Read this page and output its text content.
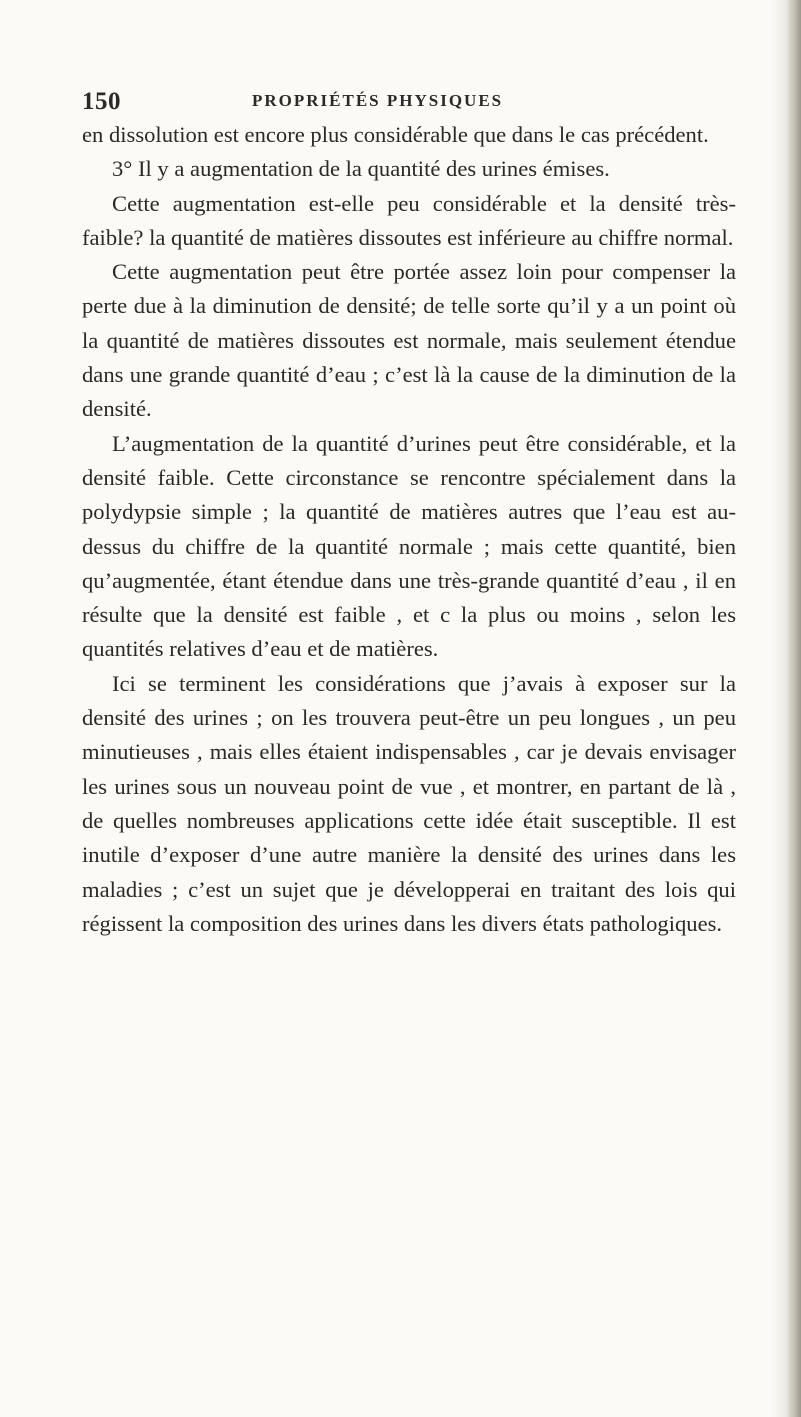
150	PROPRIÉTÉS PHYSIQUES

en dissolution est encore plus considérable que dans le cas précédent.

3° Il y a augmentation de la quantité des urines émises.

Cette augmentation est-elle peu considérable et la densité très-faible? la quantité de matières dissoutes est inférieure au chiffre normal.

Cette augmentation peut être portée assez loin pour compenser la perte due à la diminution de densité; de telle sorte qu’il y a un point où la quantité de matières dissoutes est normale, mais seulement étendue dans une grande quantité d’eau ; c’est là la cause de la diminution de la densité.

L’augmentation de la quantité d’urines peut être considérable, et la densité faible. Cette circonstance se rencontre spécialement dans la polydypsie simple ; la quantité de matières autres que l’eau est au-dessus du chiffre de la quantité normale ; mais cette quantité, bien qu’augmentée, étant étendue dans une très-grande quantité d’eau , il en résulte que la densité est faible , et c la plus ou moins , selon les quantités relatives d’eau et de matières.

Ici se terminent les considérations que j’avais à exposer sur la densité des urines ; on les trouvera peut-être un peu longues , un peu minutieuses , mais elles étaient indispensables , car je devais envisager les urines sous un nouveau point de vue , et montrer, en partant de là , de quelles nombreuses applications cette idée était susceptible. Il est inutile d’exposer d’une autre manière la densité des urines dans les maladies ; c’est un sujet que je développerai en traitant des lois qui régissent la composition des urines dans les divers états pathologiques.
